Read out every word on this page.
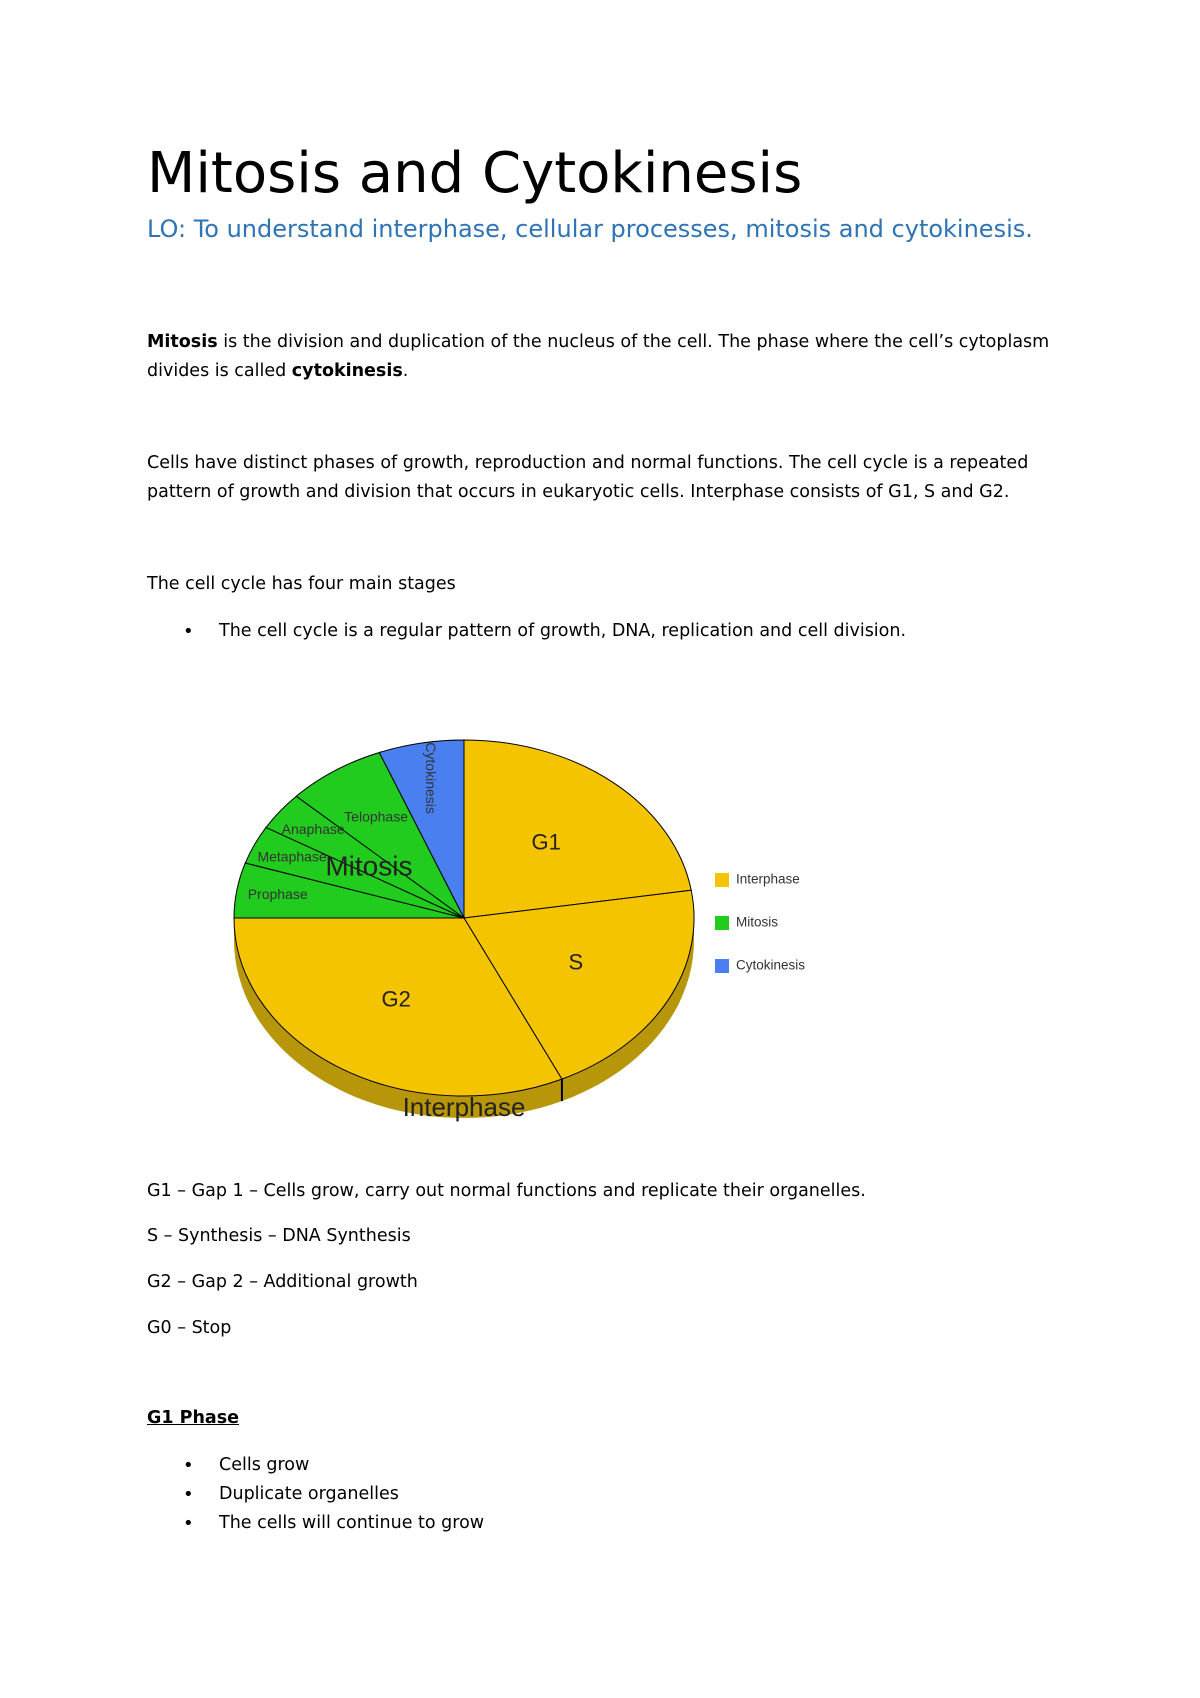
Mitosis and Cytokinesis

LO: To understand interphase, cellular processes, mitosis and cytokinesis.

Mitosis is the division and duplication of the nucleus of the cell. The phase where the cell’s cytoplasm divides is called cytokinesis.

Cells have distinct phases of growth, reproduction and normal functions. The cell cycle is a repeated pattern of growth and division that occurs in eukaryotic cells. Interphase consists of G1, S and G2.

The cell cycle has four main stages

• The cell cycle is a regular pattern of growth, DNA, replication and cell division.
G1
S
G2
Prophase
Metaphase
Anaphase
Telophase
Cytokinesis
Mitosis
Interphase
Interphase
Mitosis
Cytokinesis

G1 – Gap 1 – Cells grow, carry out normal functions and replicate their organelles.

S – Synthesis – DNA Synthesis

G2 – Gap 2 – Additional growth

G0 – Stop

G1 Phase

• Cells grow
• Duplicate organelles
• The cells will continue to grow
